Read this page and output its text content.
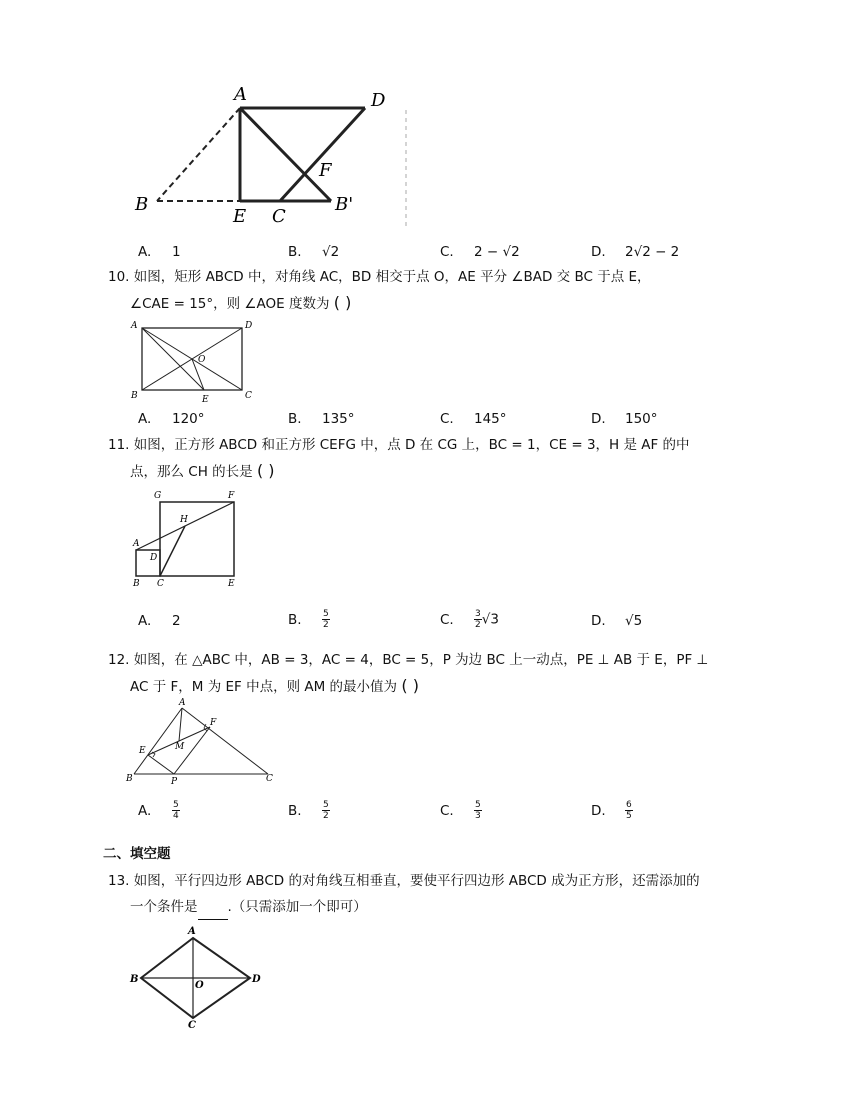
A	D
B
E C
B'
F
A. 1	B. √2	C. 2 − √2	D. 2√2 − 2
10. 如图，矩形 ABCD 中，对角线 AC，BD 相交于点 O，AE 平分 ∠BAD 交 BC 于点 E，
∠CAE = 15°，则 ∠AOE 度数为 ( )
A	D
B	C
O
E
A. 120°	B. 135°	C. 145°	D. 150°
11. 如图，正方形 ABCD 和正方形 CEFG 中，点 D 在 CG 上，BC = 1，CE = 3，H 是 AF 的中
点，那么 CH 的长是 ( )
G	F
H
A
D
B C	E
A. 2	B. $\frac{5}{2}$	C. $\frac{3}{2} √3$	D. √5
12. 如图，在 △ABC 中，AB = 3，AC = 4，BC = 5，P 为边 BC 上一动点，PE ⊥ AB 于 E，PF ⊥
AC 于 F，M 为 EF 中点，则 AM 的最小值为 ( )
A
F
E	M
B	P	C
A. $\frac{5}{4}$	B. $\frac{5}{2}$	C. $\frac{5}{3}$	D. $\frac{6}{5}$
二、填空题
13. 如图，平行四边形 ABCD 的对角线互相垂直，要使平行四边形 ABCD 成为正方形，还需添加的
一个条件是 .（只需添加一个即可）
A
B
O
D
C
